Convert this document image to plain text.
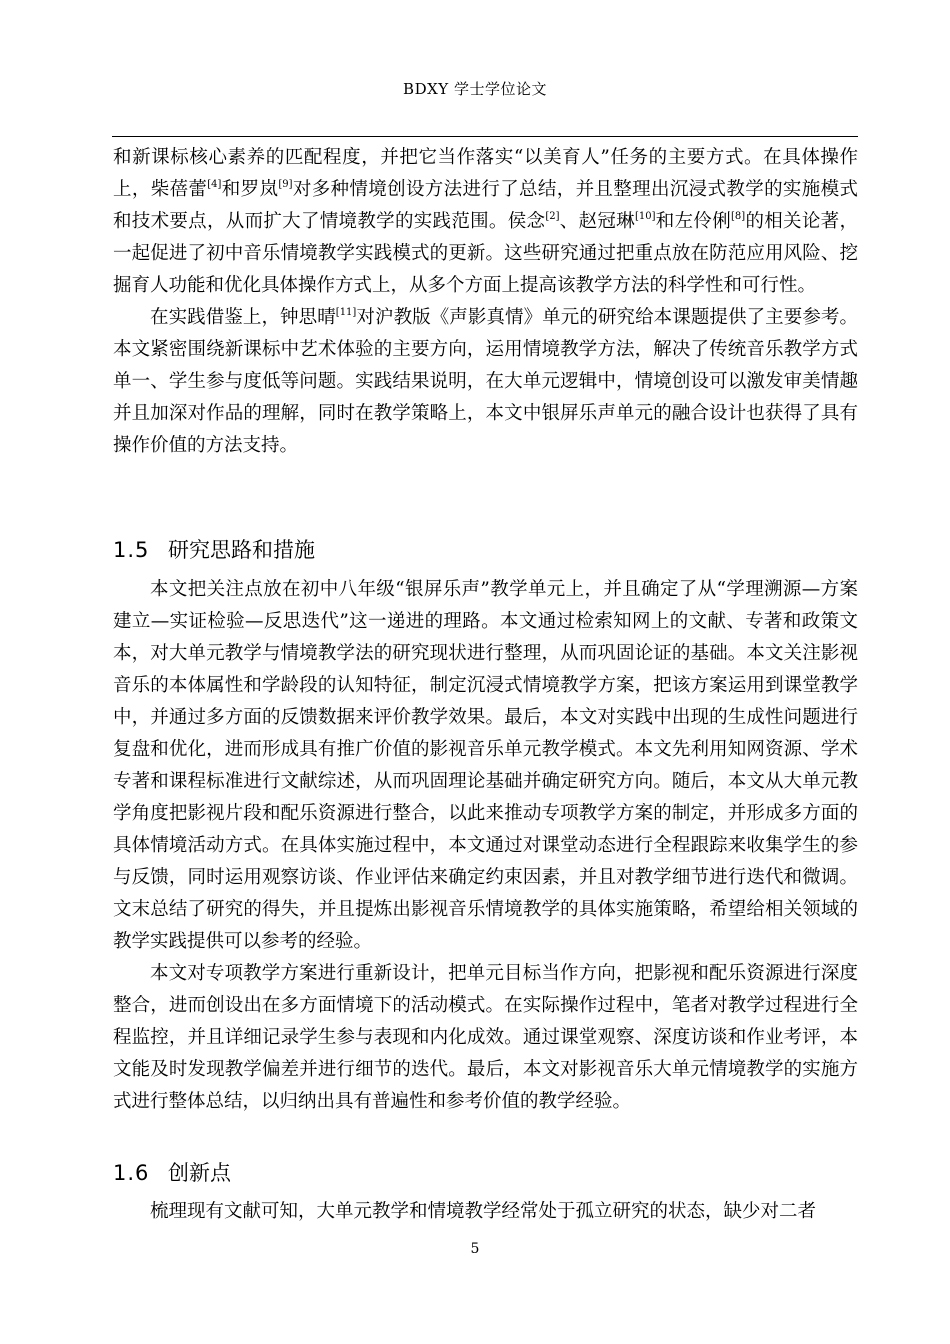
BDXY 学士学位论文

和新课标核心素养的匹配程度，并把它当作落实“以美育人”任务的主要方式。在具体操作上，柴蓓蕾[4]和罗岚[9]对多种情境创设方法进行了总结，并且整理出沉浸式教学的实施模式和技术要点，从而扩大了情境教学的实践范围。侯念[2]、赵冠琳[10]和左伶俐[8]的相关论著，一起促进了初中音乐情境教学实践模式的更新。这些研究通过把重点放在防范应用风险、挖掘育人功能和优化具体操作方式上，从多个方面上提高该教学方法的科学性和可行性。

在实践借鉴上，钟思晴[11]对沪教版《声影真情》单元的研究给本课题提供了主要参考。本文紧密围绕新课标中艺术体验的主要方向，运用情境教学方法，解决了传统音乐教学方式单一、学生参与度低等问题。实践结果说明，在大单元逻辑中，情境创设可以激发审美情趣并且加深对作品的理解，同时在教学策略上，本文中银屏乐声单元的融合设计也获得了具有操作价值的方法支持。

1.5 研究思路和措施

本文把关注点放在初中八年级“银屏乐声”教学单元上，并且确定了从“学理溯源—方案建立—实证检验—反思迭代”这一递进的理路。本文通过检索知网上的文献、专著和政策文本，对大单元教学与情境教学法的研究现状进行整理，从而巩固论证的基础。本文关注影视音乐的本体属性和学龄段的认知特征，制定沉浸式情境教学方案，把该方案运用到课堂教学中，并通过多方面的反馈数据来评价教学效果。最后，本文对实践中出现的生成性问题进行复盘和优化，进而形成具有推广价值的影视音乐单元教学模式。本文先利用知网资源、学术专著和课程标准进行文献综述，从而巩固理论基础并确定研究方向。随后，本文从大单元教学角度把影视片段和配乐资源进行整合，以此来推动专项教学方案的制定，并形成多方面的具体情境活动方式。在具体实施过程中，本文通过对课堂动态进行全程跟踪来收集学生的参与反馈，同时运用观察访谈、作业评估来确定约束因素，并且对教学细节进行迭代和微调。文末总结了研究的得失，并且提炼出影视音乐情境教学的具体实施策略，希望给相关领域的教学实践提供可以参考的经验。

本文对专项教学方案进行重新设计，把单元目标当作方向，把影视和配乐资源进行深度整合，进而创设出在多方面情境下的活动模式。在实际操作过程中，笔者对教学过程进行全程监控，并且详细记录学生参与表现和内化成效。通过课堂观察、深度访谈和作业考评，本文能及时发现教学偏差并进行细节的迭代。最后，本文对影视音乐大单元情境教学的实施方式进行整体总结，以归纳出具有普遍性和参考价值的教学经验。

1.6 创新点

梳理现有文献可知，大单元教学和情境教学经常处于孤立研究的状态，缺少对二者

5
